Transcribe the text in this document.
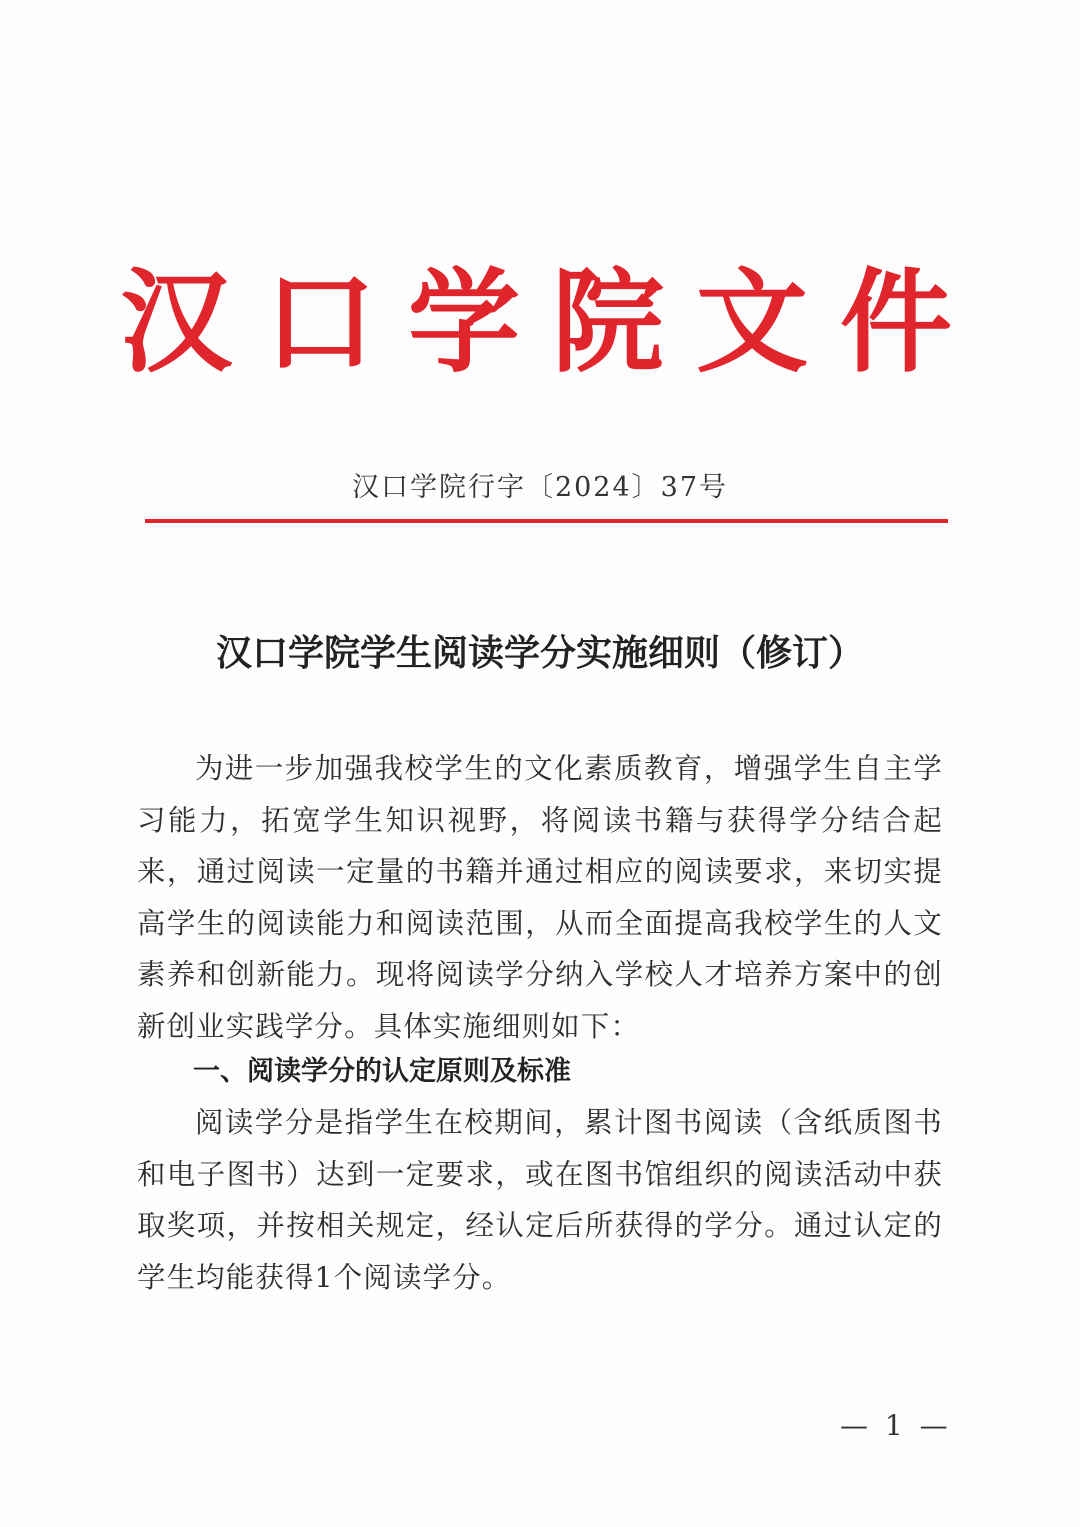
汉口学院文件
汉口学院行字〔2024〕37号
汉口学院学生阅读学分实施细则（修订）
为进一步加强我校学生的文化素质教育，增强学生自主学习能力，拓宽学生知识视野，将阅读书籍与获得学分结合起来，通过阅读一定量的书籍并通过相应的阅读要求，来切实提高学生的阅读能力和阅读范围，从而全面提高我校学生的人文素养和创新能力。现将阅读学分纳入学校人才培养方案中的创新创业实践学分。具体实施细则如下：
一、阅读学分的认定原则及标准
阅读学分是指学生在校期间，累计图书阅读（含纸质图书和电子图书）达到一定要求，或在图书馆组织的阅读活动中获取奖项，并按相关规定，经认定后所获得的学分。通过认定的学生均能获得1个阅读学分。
— 1 —
